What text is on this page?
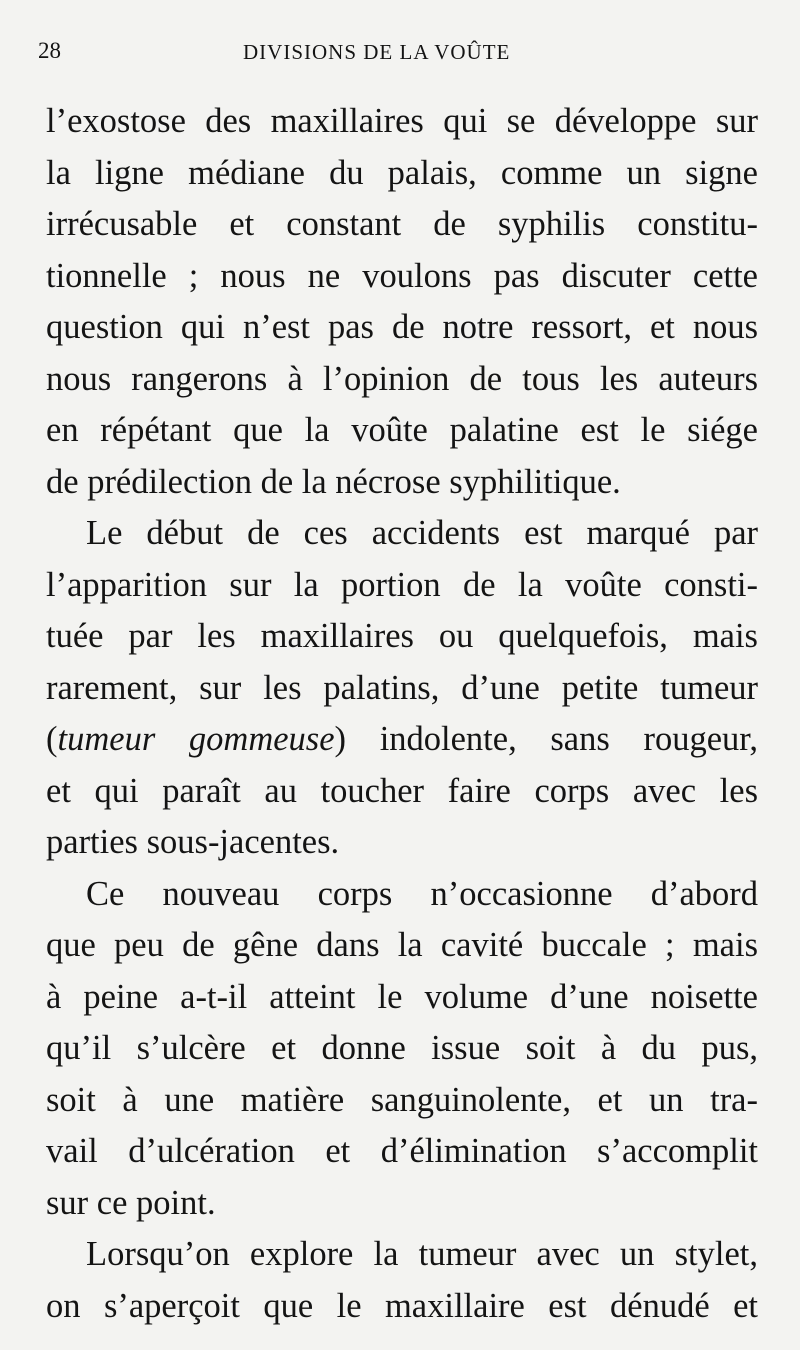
28	DIVISIONS DE LA VOÛTE
l’exostose des maxillaires qui se développe sur
la ligne médiane du palais, comme un signe
irrécusable et constant de syphilis constitu-
tionnelle ; nous ne voulons pas discuter cette
question qui n’est pas de notre ressort, et nous
nous rangerons à l’opinion de tous les auteurs
en répétant que la voûte palatine est le siége
de prédilection de la nécrose syphilitique.
Le début de ces accidents est marqué par
l’apparition sur la portion de la voûte consti-
tuée par les maxillaires ou quelquefois, mais
rarement, sur les palatins, d’une petite tumeur
(tumeur gommeuse) indolente, sans rougeur,
et qui paraît au toucher faire corps avec les
parties sous-jacentes.
Ce nouveau corps n’occasionne d’abord
que peu de gêne dans la cavité buccale ; mais
à peine a-t-il atteint le volume d’une noisette
qu’il s’ulcère et donne issue soit à du pus,
soit à une matière sanguinolente, et un tra-
vail d’ulcération et d’élimination s’accomplit
sur ce point.
Lorsqu’on explore la tumeur avec un stylet,
on s’aperçoit que le maxillaire est dénudé et
